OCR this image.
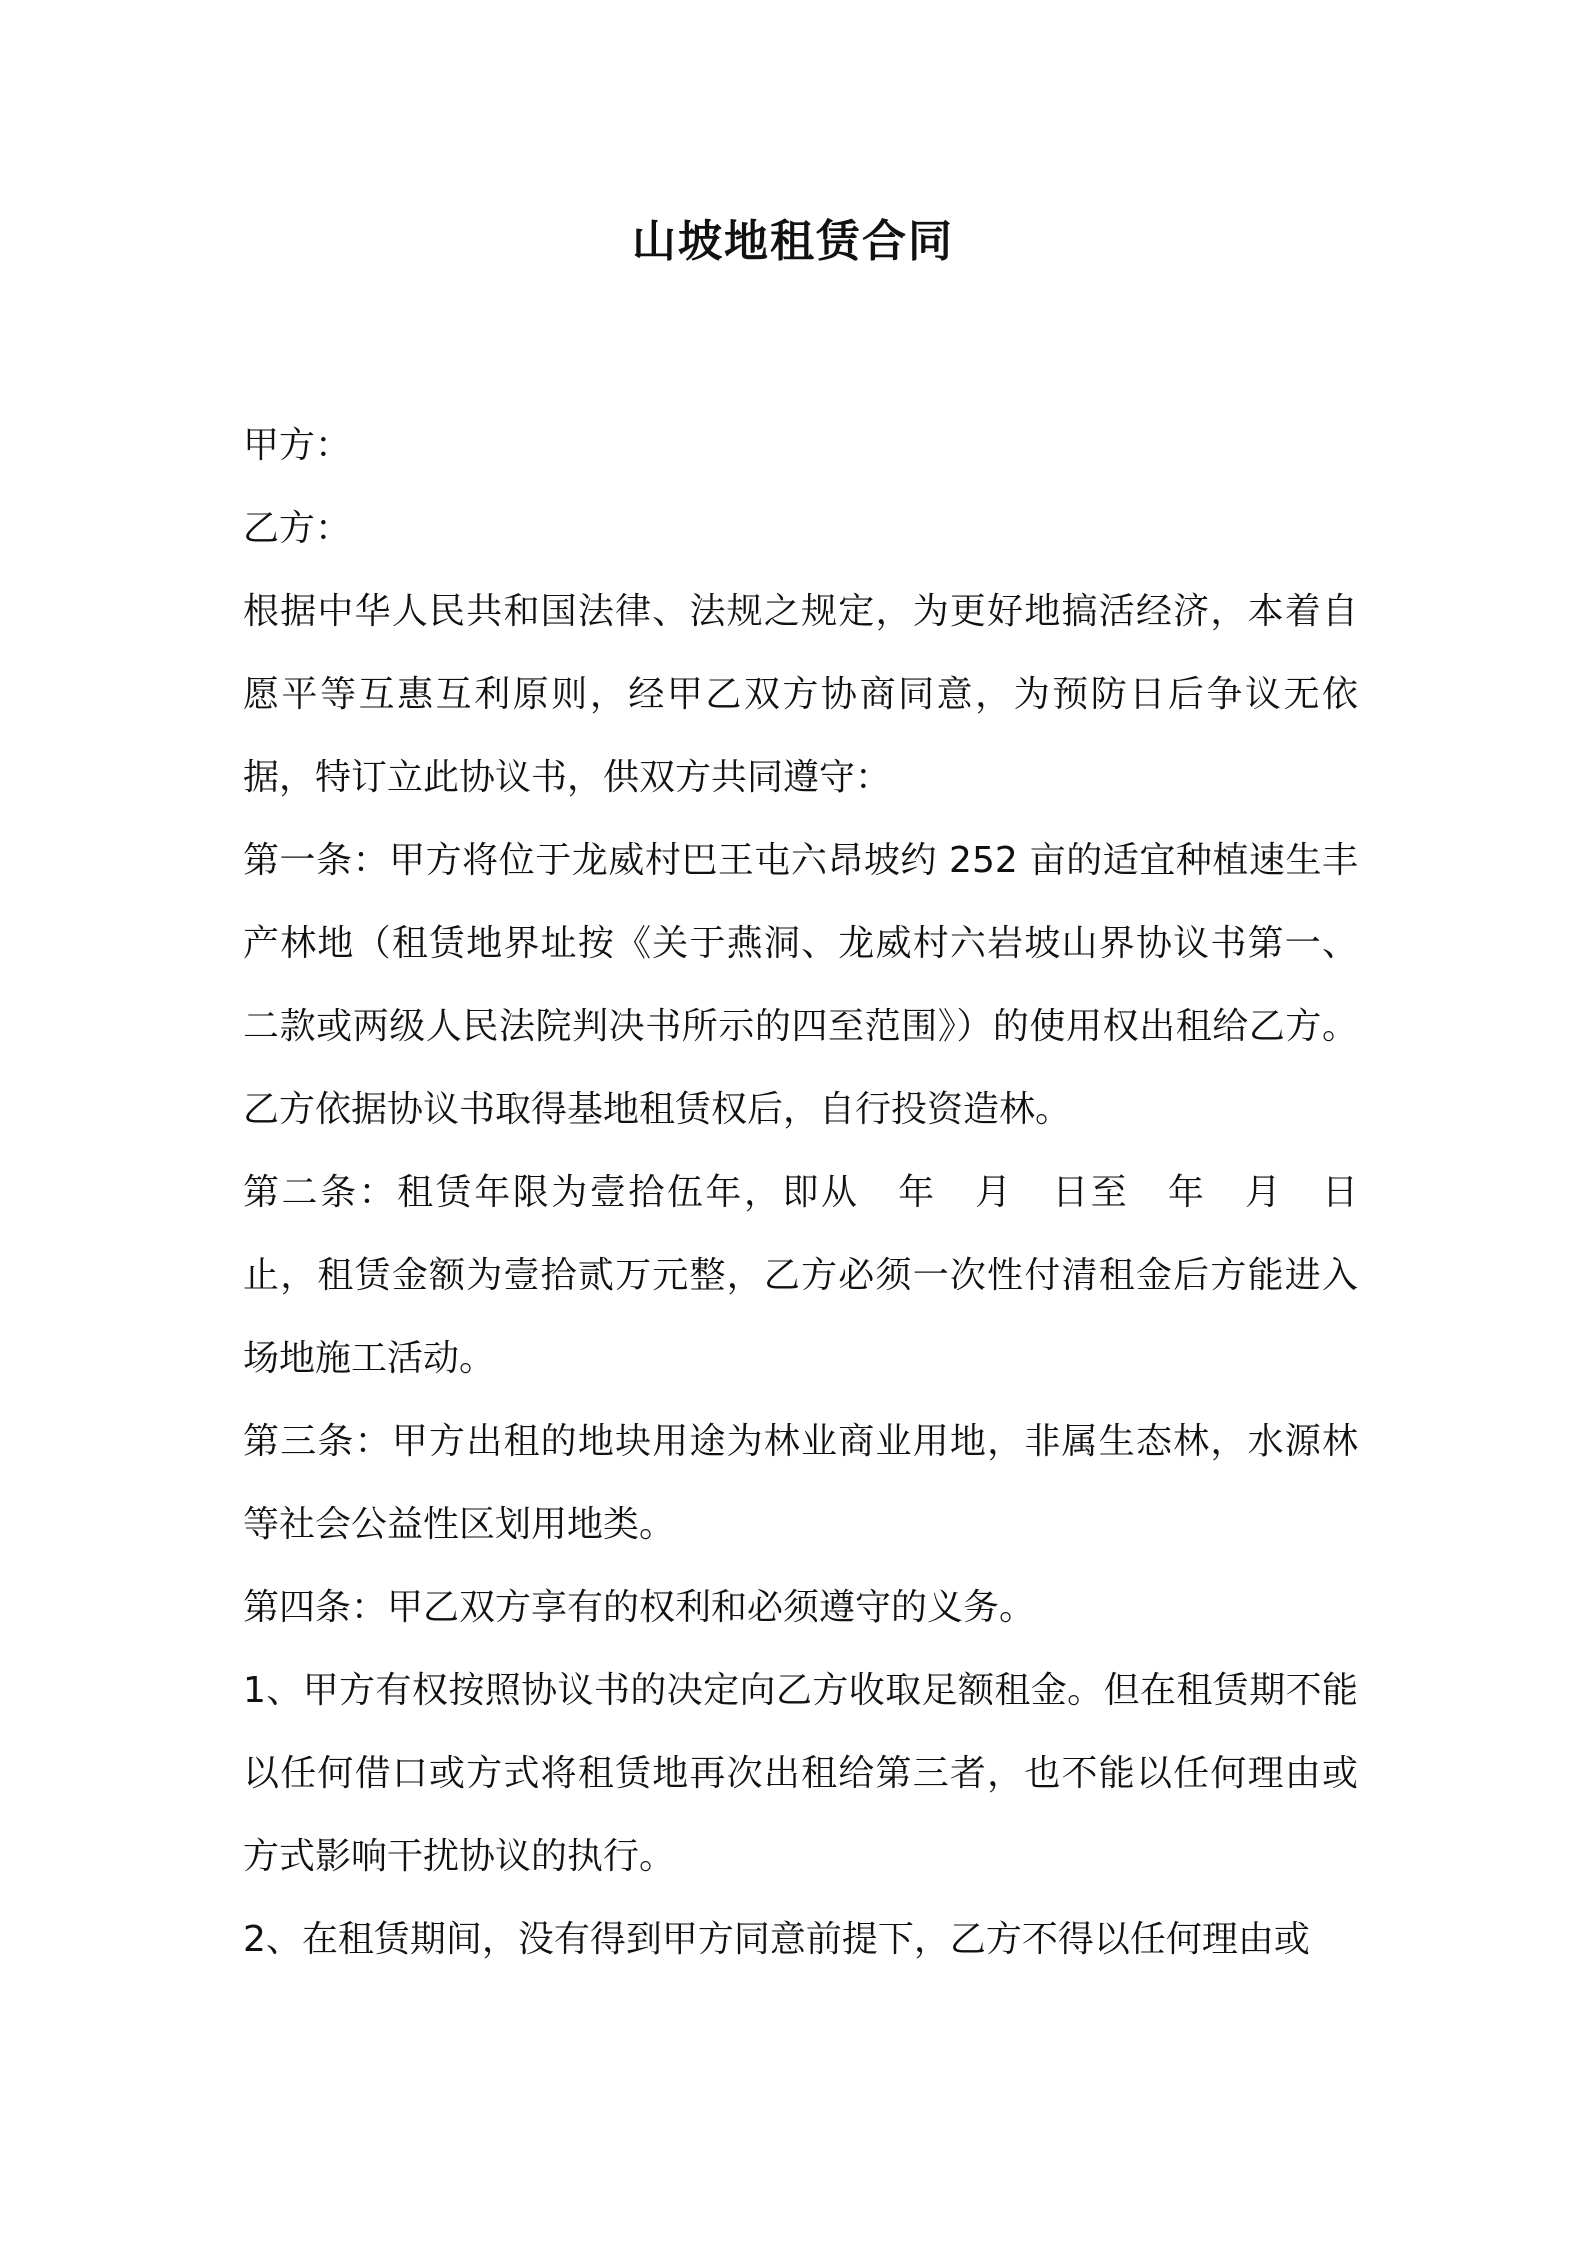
山坡地租赁合同

甲方：

乙方：

根据中华人民共和国法律、法规之规定，为更好地搞活经济，本着自愿平等互惠互利原则，经甲乙双方协商同意，为预防日后争议无依据，特订立此协议书，供双方共同遵守：

第一条：甲方将位于龙威村巴王屯六昂坡约 252 亩的适宜种植速生丰产林地（租赁地界址按《关于燕洞、龙威村六岩坡山界协议书第一、二款或两级人民法院判决书所示的四至范围》）的使用权出租给乙方。乙方依据协议书取得基地租赁权后，自行投资造林。

第二条：租赁年限为壹拾伍年，即从　年　月　日至　年　月　日止，租赁金额为壹拾贰万元整，乙方必须一次性付清租金后方能进入场地施工活动。

第三条：甲方出租的地块用途为林业商业用地，非属生态林，水源林等社会公益性区划用地类。

第四条：甲乙双方享有的权利和必须遵守的义务。

1、甲方有权按照协议书的决定向乙方收取足额租金。但在租赁期不能以任何借口或方式将租赁地再次出租给第三者，也不能以任何理由或方式影响干扰协议的执行。

2、在租赁期间，没有得到甲方同意前提下，乙方不得以任何理由或
